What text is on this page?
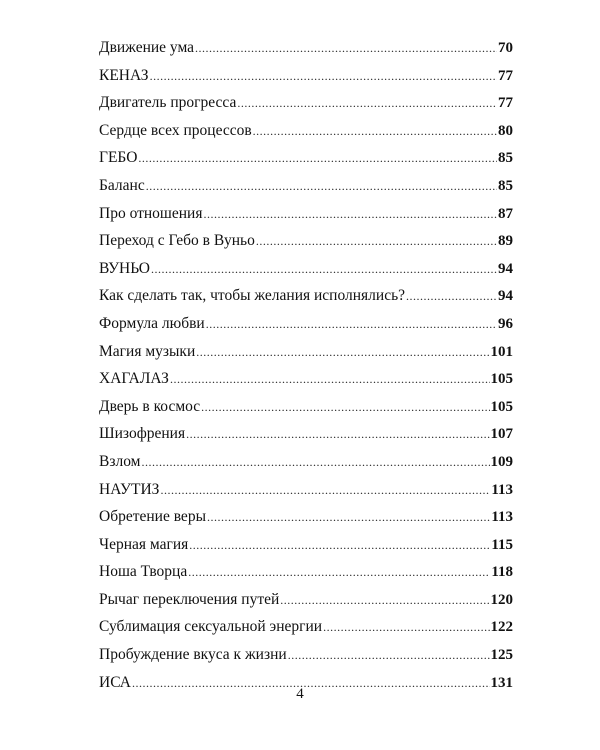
Движение ума .....	70
КЕНАЗ .....	77
Двигатель прогресса .....	77
Сердце всех процессов .....	80
ГЕБО .....	85
Баланс .....	85
Про отношения .....	87
Переход с Гебо в Вуньо .....	89
ВУНЬО .....	94
Как сделать так, чтобы желания исполнялись? .....	94
Формула любви .....	96
Магия музыки .....	101
ХАГАЛАЗ .....	105
Дверь в космос .....	105
Шизофрения .....	107
Взлом .....	109
НАУТИЗ .....	113
Обретение веры .....	113
Черная магия .....	115
Ноша Творца .....	118
Рычаг переключения путей .....	120
Сублимация сексуальной энергии .....	122
Пробуждение вкуса к жизни .....	125
ИСА .....	131
4
